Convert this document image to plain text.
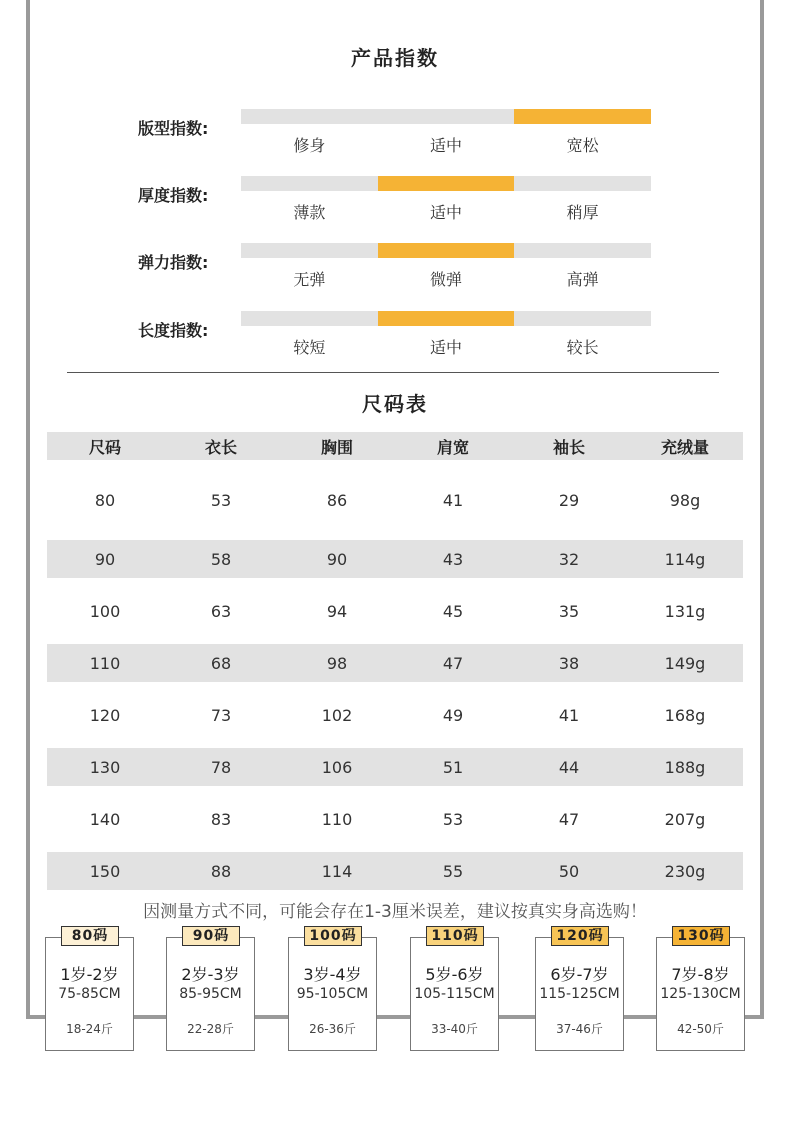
产品指数
版型指数:
修身	适中	宽松
厚度指数:
薄款	适中	稍厚
弹力指数:
无弹	微弹	高弹
长度指数:
较短	适中	较长
尺码表
尺码	衣长	胸围	肩宽	袖长	充绒量
80	53	86	41	29	98g
90	58	90	43	32	114g
100	63	94	45	35	131g
110	68	98	47	38	149g
120	73	102	49	41	168g
130	78	106	51	44	188g
140	83	110	53	47	207g
150	88	114	55	50	230g
因测量方式不同，可能会存在1-3厘米误差，建议按真实身高选购！
80码
1岁-2岁
75-85CM
18-24斤
90码
2岁-3岁
85-95CM
22-28斤
100码
3岁-4岁
95-105CM
26-36斤
110码
5岁-6岁
105-115CM
33-40斤
120码
6岁-7岁
115-125CM
37-46斤
130码
7岁-8岁
125-130CM
42-50斤
